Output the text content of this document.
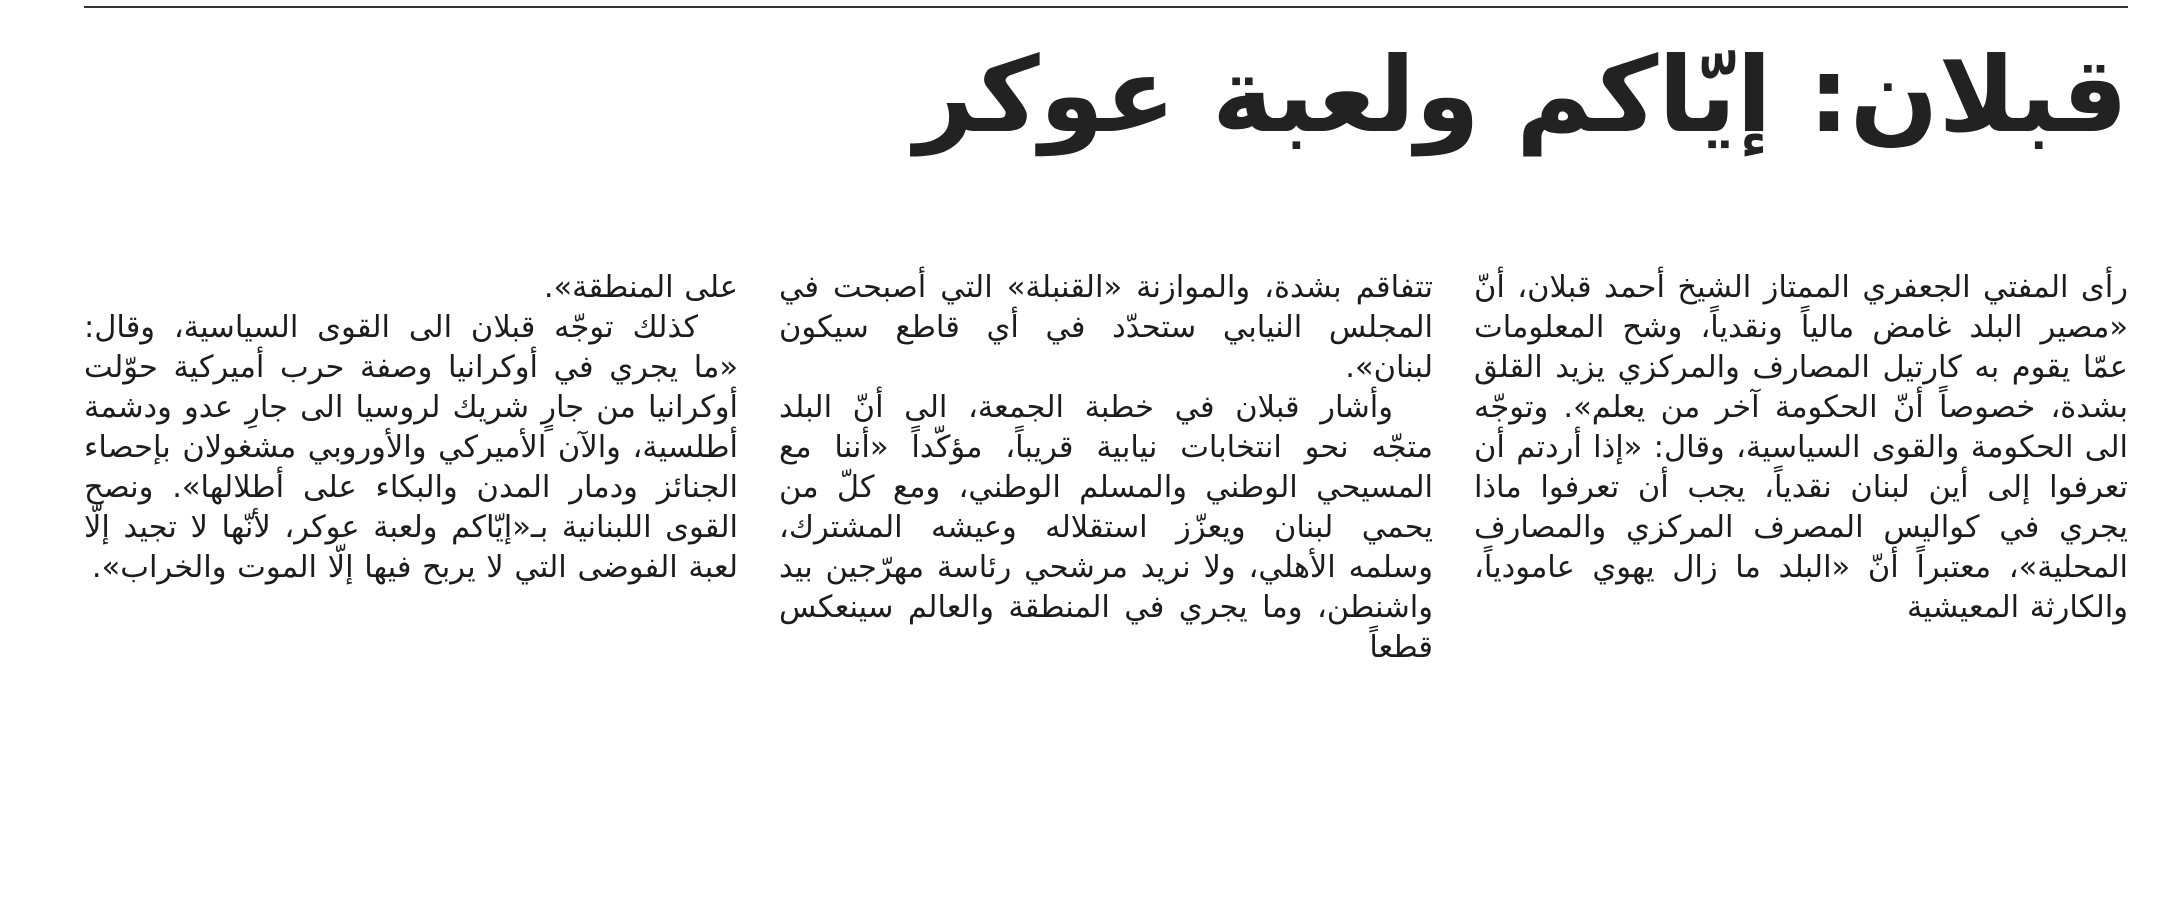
قبلان: إيّاكم ولعبة عوكر

رأى المفتي الجعفري الممتاز الشيخ أحمد قبلان، أنّ «مصير البلد غامض مالياً ونقدياً، وشح المعلومات عمّا يقوم به كارتيل المصارف والمركزي يزيد القلق بشدة، خصوصاً أنّ الحكومة آخر من يعلم». وتوجّه الى الحكومة والقوى السياسية، وقال: «إذا أردتم أن تعرفوا إلى أين لبنان نقدياً، يجب أن تعرفوا ماذا يجري في كواليس المصرف المركزي والمصارف المحلية»، معتبراً أنّ «البلد ما زال يهوي عامودياً، والكارثة المعيشية

تتفاقم بشدة، والموازنة «القنبلة» التي أصبحت في المجلس النيابي ستحدّد في أي قاطع سيكون لبنان».

وأشار قبلان في خطبة الجمعة، الى أنّ البلد متجّه نحو انتخابات نيابية قريباً، مؤكّداً «أننا مع المسيحي الوطني والمسلم الوطني، ومع كلّ من يحمي لبنان ويعزّز استقلاله وعيشه المشترك، وسلمه الأهلي، ولا نريد مرشحي رئاسة مهرّجين بيد واشنطن، وما يجري في المنطقة والعالم سينعكس قطعاً

على المنطقة».

كذلك توجّه قبلان الى القوى السياسية، وقال: «ما يجري في أوكرانيا وصفة حرب أميركية حوّلت أوكرانيا من جارٍ شريك لروسيا الى جارِ عدو ودشمة أطلسية، والآن الأميركي والأوروبي مشغولان بإحصاء الجنائز ودمار المدن والبكاء على أطلالها». ونصح القوى اللبنانية بـ«إيّاكم ولعبة عوكر، لأنّها لا تجيد إلّا لعبة الفوضى التي لا يربح فيها إلّا الموت والخراب».
